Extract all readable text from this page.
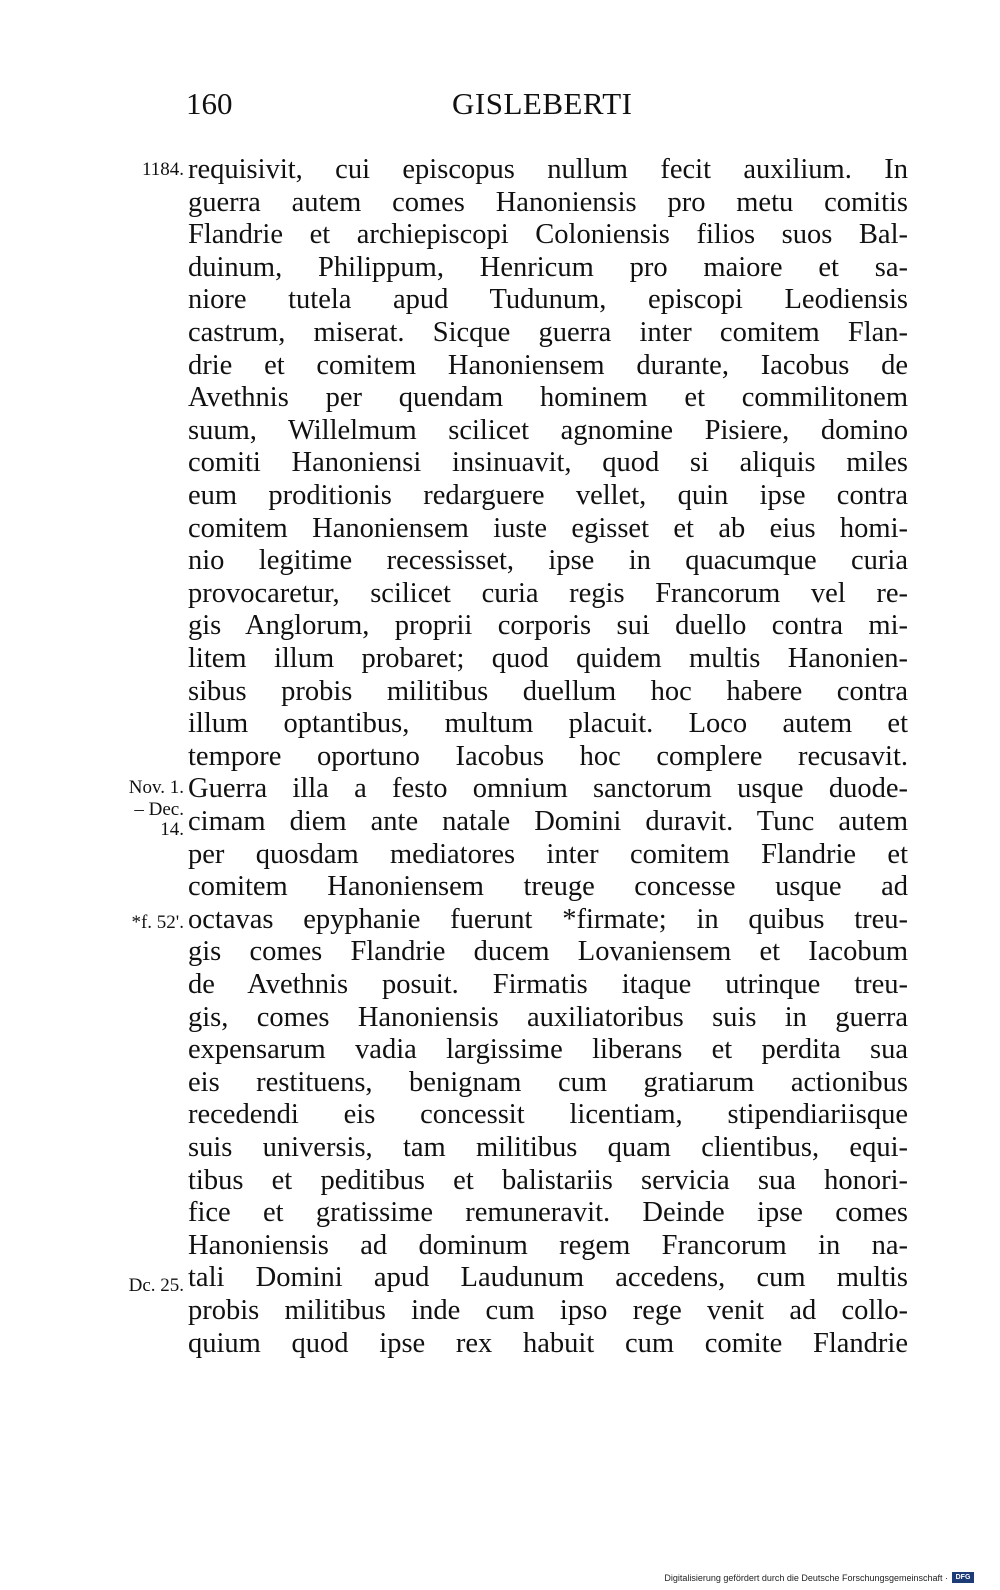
160	GISLEBERTI
1184.
Nov. 1.
– Dec.
14.
*f. 52'.
Dc. 25.
requisivit, cui episcopus nullum fecit auxilium. In
guerra autem comes Hanoniensis pro metu comitis
Flandrie et archiepiscopi Coloniensis filios suos Bal-
duinum, Philippum, Henricum pro maiore et sa-
niore tutela apud Tudunum, episcopi Leodiensis
castrum, miserat. Sicque guerra inter comitem Flan-
drie et comitem Hanoniensem durante, Iacobus de
Avethnis per quendam hominem et commilitonem
suum, Willelmum scilicet agnomine Pisiere, domino
comiti Hanoniensi insinuavit, quod si aliquis miles
eum proditionis redarguere vellet, quin ipse contra
comitem Hanoniensem iuste egisset et ab eius homi-
nio legitime recessisset, ipse in quacumque curia
provocaretur, scilicet curia regis Francorum vel re-
gis Anglorum, proprii corporis sui duello contra mi-
litem illum probaret; quod quidem multis Hanonien-
sibus probis militibus duellum hoc habere contra
illum optantibus, multum placuit. Loco autem et
tempore oportuno Iacobus hoc complere recusavit.
Guerra illa a festo omnium sanctorum usque duode-
cimam diem ante natale Domini duravit. Tunc autem
per quosdam mediatores inter comitem Flandrie et
comitem Hanoniensem treuge concesse usque ad
octavas epyphanie fuerunt *firmate; in quibus treu-
gis comes Flandrie ducem Lovaniensem et Iacobum
de Avethnis posuit. Firmatis itaque utrinque treu-
gis, comes Hanoniensis auxiliatoribus suis in guerra
expensarum vadia largissime liberans et perdita sua
eis restituens, benignam cum gratiarum actionibus
recedendi eis concessit licentiam, stipendiariisque
suis universis, tam militibus quam clientibus, equi-
tibus et peditibus et balistariis servicia sua honori-
fice et gratissime remuneravit. Deinde ipse comes
Hanoniensis ad dominum regem Francorum in na-
tali Domini apud Laudunum accedens, cum multis
probis militibus inde cum ipso rege venit ad collo-
quium quod ipse rex habuit cum comite Flandrie
Digitalisierung gefördert durch die Deutsche Forschungsgemeinschaft ·	DFG
